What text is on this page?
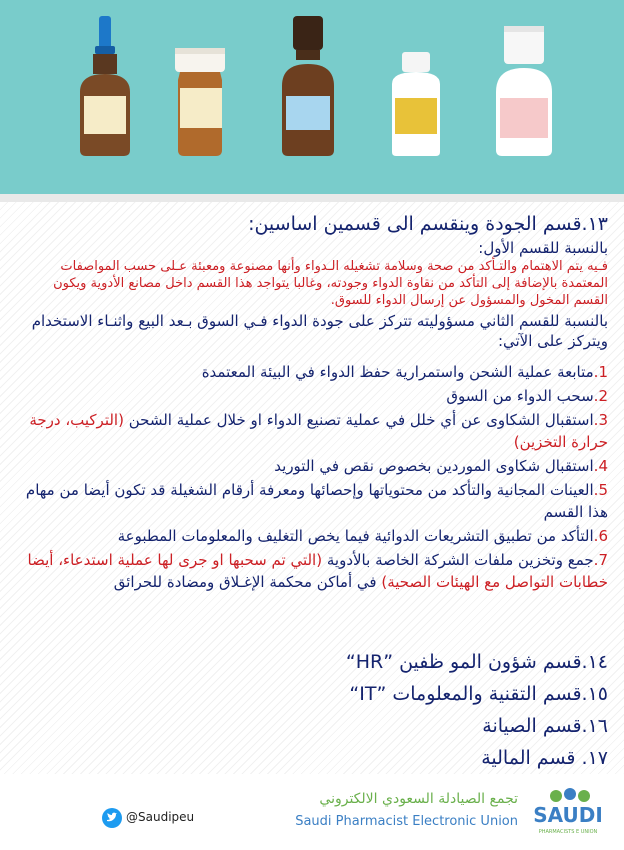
١٣.قسم الجودة وينقسم الى قسمين اساسين:

بالنسبة للقسم الأول:

فـيه يتم الاهتمام والتـأكد من صحة وسلامة تشغيله الـدواء وأنها مصنوعة ومعبئة عـلى حسب المواصفات المعتمدة بالإضافة إلى التأكد من نقاوة الدواء وجودته، وغالبا يتواجد هذا القسم داخل مصانع الأدوية ويكون القسم المخول والمسؤول عن إرسال الدواء للسوق.

بالنسبة للقسم الثاني مسؤوليته تتركز على جودة الدواء فـي السوق بـعد البيع واثنـاء الاستخدام ويتركز على الآتي:

1.متابعة عملية الشحن واستمرارية حفظ الدواء في البيئة المعتمدة
2.سحب الدواء من السوق
3.استقبال الشكاوى عن أي خلل في عملية تصنيع الدواء او خلال عملية الشحن (التركيب، درجة حرارة التخزين)
4.استقبال شكاوى الموردين بخصوص نقص في التوريد
5.العينات المجانية والتأكد من محتوياتها وإحصائها ومعرفة أرقام الشغيلة قد تكون أيضا من مهام هذا القسم
6.التأكد من تطبيق التشريعات الدوائية فيما يخص التغليف والمعلومات المطبوعة
7.جمع وتخزين ملفات الشركة الخاصة بالأدوية (التي تم سحبها او جرى لها عملية استدعاء، أيضا خطابات التواصل مع الهيئات الصحية) في أماكن محكمة الإغـلاق ومضادة للحرائق

١٤.قسم شؤون المو ظفين ”HR“

١٥.قسم التقنية والمعلومات ”IT“

١٦.قسم الصيانة

١٧. قسم المالية

@Saudipeu
تجمع الصيادلة السعودي الالكتروني
Saudi Pharmacist Electronic Union SAUDI
PHARMACISTS E UNION
